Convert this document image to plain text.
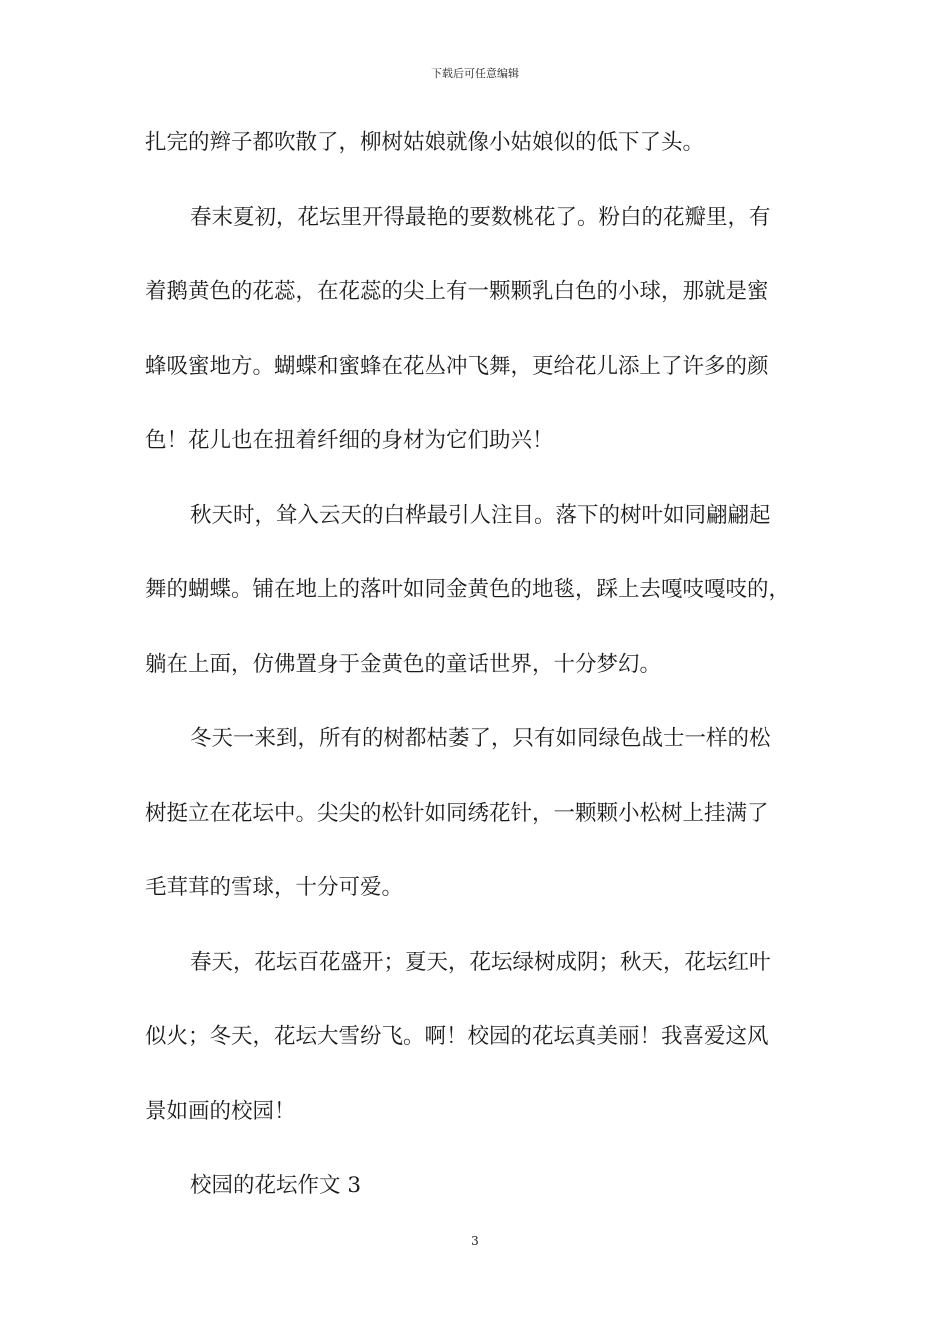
下载后可任意编辑
扎完的辫子都吹散了，柳树姑娘就像小姑娘似的低下了头。
春末夏初，花坛里开得最艳的要数桃花了。粉白的花瓣里，有
着鹅黄色的花蕊，在花蕊的尖上有一颗颗乳白色的小球，那就是蜜
蜂吸蜜地方。蝴蝶和蜜蜂在花丛冲飞舞，更给花儿添上了许多的颜
色！花儿也在扭着纤细的身材为它们助兴！
秋天时，耸入云天的白桦最引人注目。落下的树叶如同翩翩起
舞的蝴蝶。铺在地上的落叶如同金黄色的地毯，踩上去嘎吱嘎吱的，
躺在上面，仿佛置身于金黄色的童话世界，十分梦幻。
冬天一来到，所有的树都枯萎了，只有如同绿色战士一样的松
树挺立在花坛中。尖尖的松针如同绣花针，一颗颗小松树上挂满了
毛茸茸的雪球，十分可爱。
春天，花坛百花盛开；夏天，花坛绿树成阴；秋天，花坛红叶
似火；冬天，花坛大雪纷飞。啊！校园的花坛真美丽！我喜爱这风
景如画的校园！
校园的花坛作文 3
3
